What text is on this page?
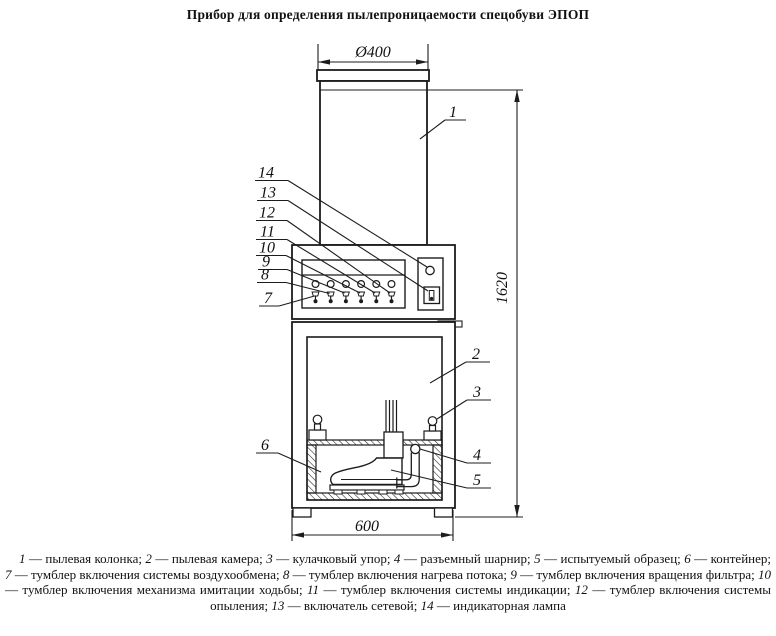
Прибор для определения пылепроницаемости спецобуви ЭПОП
Ø400
1620
600
1
2
3
4
5
6
7
8
9
10
11
12
13
14
1 — пылевая колонка; 2 — пылевая камера; 3 — кулачковый упор; 4 — разъемный шарнир; 5 — испытуемый образец; 6 — контейнер; 7 — тумблер включения системы воздухообмена; 8 — тумблер включения нагрева потока; 9 — тумблер включения вращения фильтра; 10 — тумблер включения механизма имитации ходьбы; 11 — тумблер включения системы индикации; 12 — тумблер включения системы опыления; 13 — включатель сетевой; 14 — индикаторная лампа
